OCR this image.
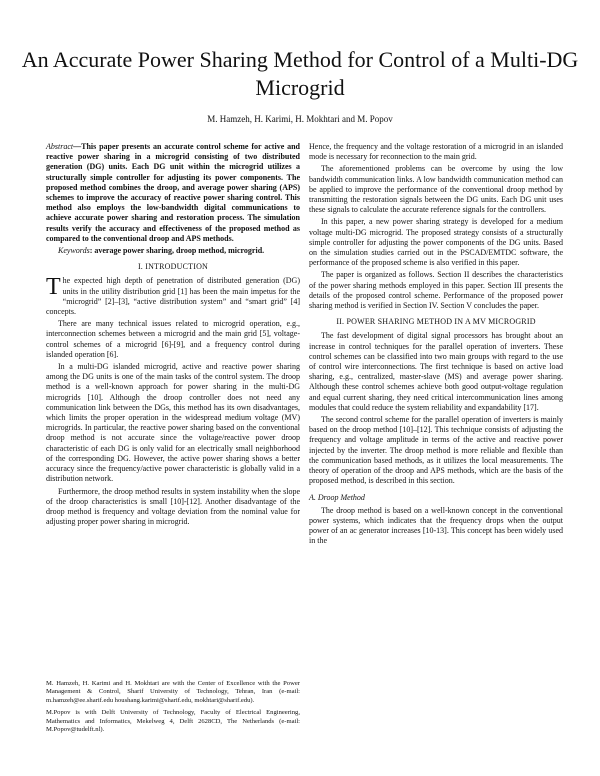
An Accurate Power Sharing Method for Control of a Multi-DG Microgrid
M. Hamzeh, H. Karimi, H. Mokhtari and M. Popov

Abstract—This paper presents an accurate control scheme for active and reactive power sharing in a microgrid consisting of two distributed generation (DG) units. Each DG unit within the microgrid utilizes a structurally simple controller for adjusting its power components. The proposed method combines the droop, and average power sharing (APS) schemes to improve the accuracy of reactive power sharing control. This method also employs the low-bandwidth digital communications to achieve accurate power sharing and restoration process. The simulation results verify the accuracy and effectiveness of the proposed method as compared to the conventional droop and APS methods.

Keywords: average power sharing, droop method, microgrid.

I. INTRODUCTION

The expected high depth of penetration of distributed generation (DG) units in the utility distribution grid [1] has been the main impetus for the “microgrid” [2]–[3], “active distribution system” and “smart grid” [4] concepts.

There are many technical issues related to microgrid operation, e.g., interconnection schemes between a microgrid and the main grid [5], voltage-control schemes of a microgrid [6]-[9], and a frequency control during islanded operation [6].

In a multi-DG islanded microgrid, active and reactive power sharing among the DG units is one of the main tasks of the control system. The droop method is a well-known approach for power sharing in the multi-DG microgrids [10]. Although the droop controller does not need any communication link between the DGs, this method has its own disadvantages, which limits the proper operation in the widespread medium voltage (MV) microgrids. In particular, the reactive power sharing based on the conventional droop method is not accurate since the voltage/reactive power droop characteristic of each DG is only valid for an electrically small neighborhood of the corresponding DG. However, the active power sharing shows a better accuracy since the frequency/active power characteristic is globally valid in a distribution network.

Furthermore, the droop method results in system instability when the slope of the droop characteristics is small [10]-[12]. Another disadvantage of the droop method is frequency and voltage deviation from the nominal value for adjusting proper power sharing in microgrid.

M. Hamzeh, H. Karimi and H. Mokhtari are with the Center of Excellence with the Power Management & Control, Sharif University of Technology, Tehran, Iran (e-mail: m.hamzeh@ee.sharif.edu houshang.karimi@sharif.edu, mokhtari@sharif.edu).

M.Popov is with Delft University of Technology, Faculty of Electrical Engineering, Mathematics and Informatics, Mekelweg 4, Delft 2628CD, The Netherlands (e-mail: M.Popov@tudelft.nl).

Hence, the frequency and the voltage restoration of a microgrid in an islanded mode is necessary for reconnection to the main grid.

The aforementioned problems can be overcome by using the low bandwidth communication links. A low bandwidth communication method can be applied to improve the performance of the conventional droop method by transmitting the restoration signals between the DG units. Each DG unit uses these signals to calculate the accurate reference signals for the controllers.

In this paper, a new power sharing strategy is developed for a medium voltage multi-DG microgrid. The proposed strategy consists of a structurally simple controller for adjusting the power components of the DG units. Based on the simulation studies carried out in the PSCAD/EMTDC software, the performance of the proposed scheme is also verified in this paper.

The paper is organized as follows. Section II describes the characteristics of the power sharing methods employed in this paper. Section III presents the details of the proposed control scheme. Performance of the proposed power sharing method is verified in Section IV. Section V concludes the paper.

II. POWER SHARING METHOD IN A MV MICROGRID

The fast development of digital signal processors has brought about an increase in control techniques for the parallel operation of inverters. These control schemes can be classified into two main groups with regard to the use of control wire interconnections. The first technique is based on active load sharing, e.g., centralized, master-slave (MS) and average power sharing. Although these control schemes achieve both good output-voltage regulation and equal current sharing, they need critical intercommunication lines among modules that could reduce the system reliability and expandability [17].

The second control scheme for the parallel operation of inverters is mainly based on the droop method [10]–[12]. This technique consists of adjusting the frequency and voltage amplitude in terms of the active and reactive power injected by the inverter. The droop method is more reliable and flexible than the communication based methods, as it utilizes the local measurements. The theory of operation of the droop and APS methods, which are the basis of the proposed method, is described in this section.

A. Droop Method

The droop method is based on a well-known concept in the conventional power systems, which indicates that the frequency drops when the output power of an ac generator increases [10-13]. This concept has been widely used in the
